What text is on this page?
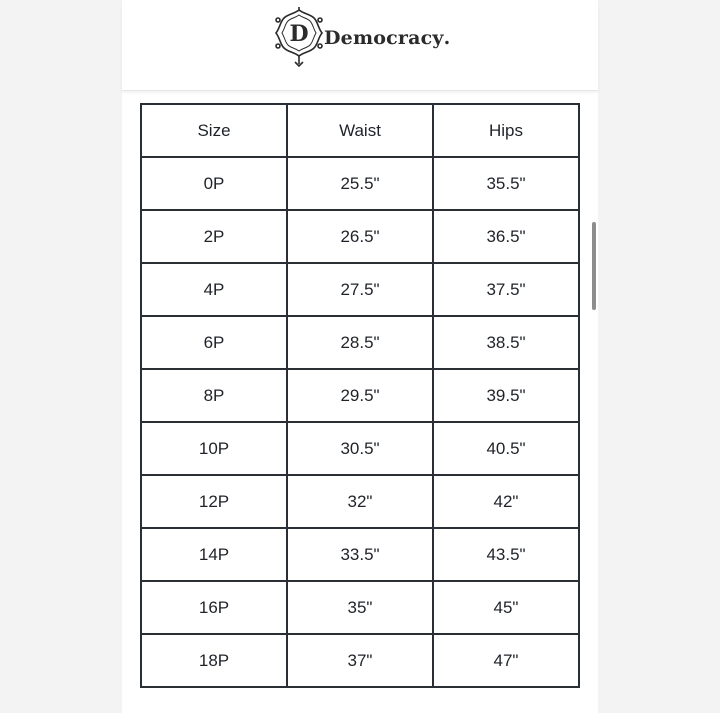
D Democracy .
Size	Waist	Hips
0P	25.5"	35.5"
2P	26.5"	36.5"
4P	27.5"	37.5"
6P	28.5"	38.5"
8P	29.5"	39.5"
10P	30.5"	40.5"
12P	32"	42"
14P	33.5"	43.5"
16P	35"	45"
18P	37"	47"
